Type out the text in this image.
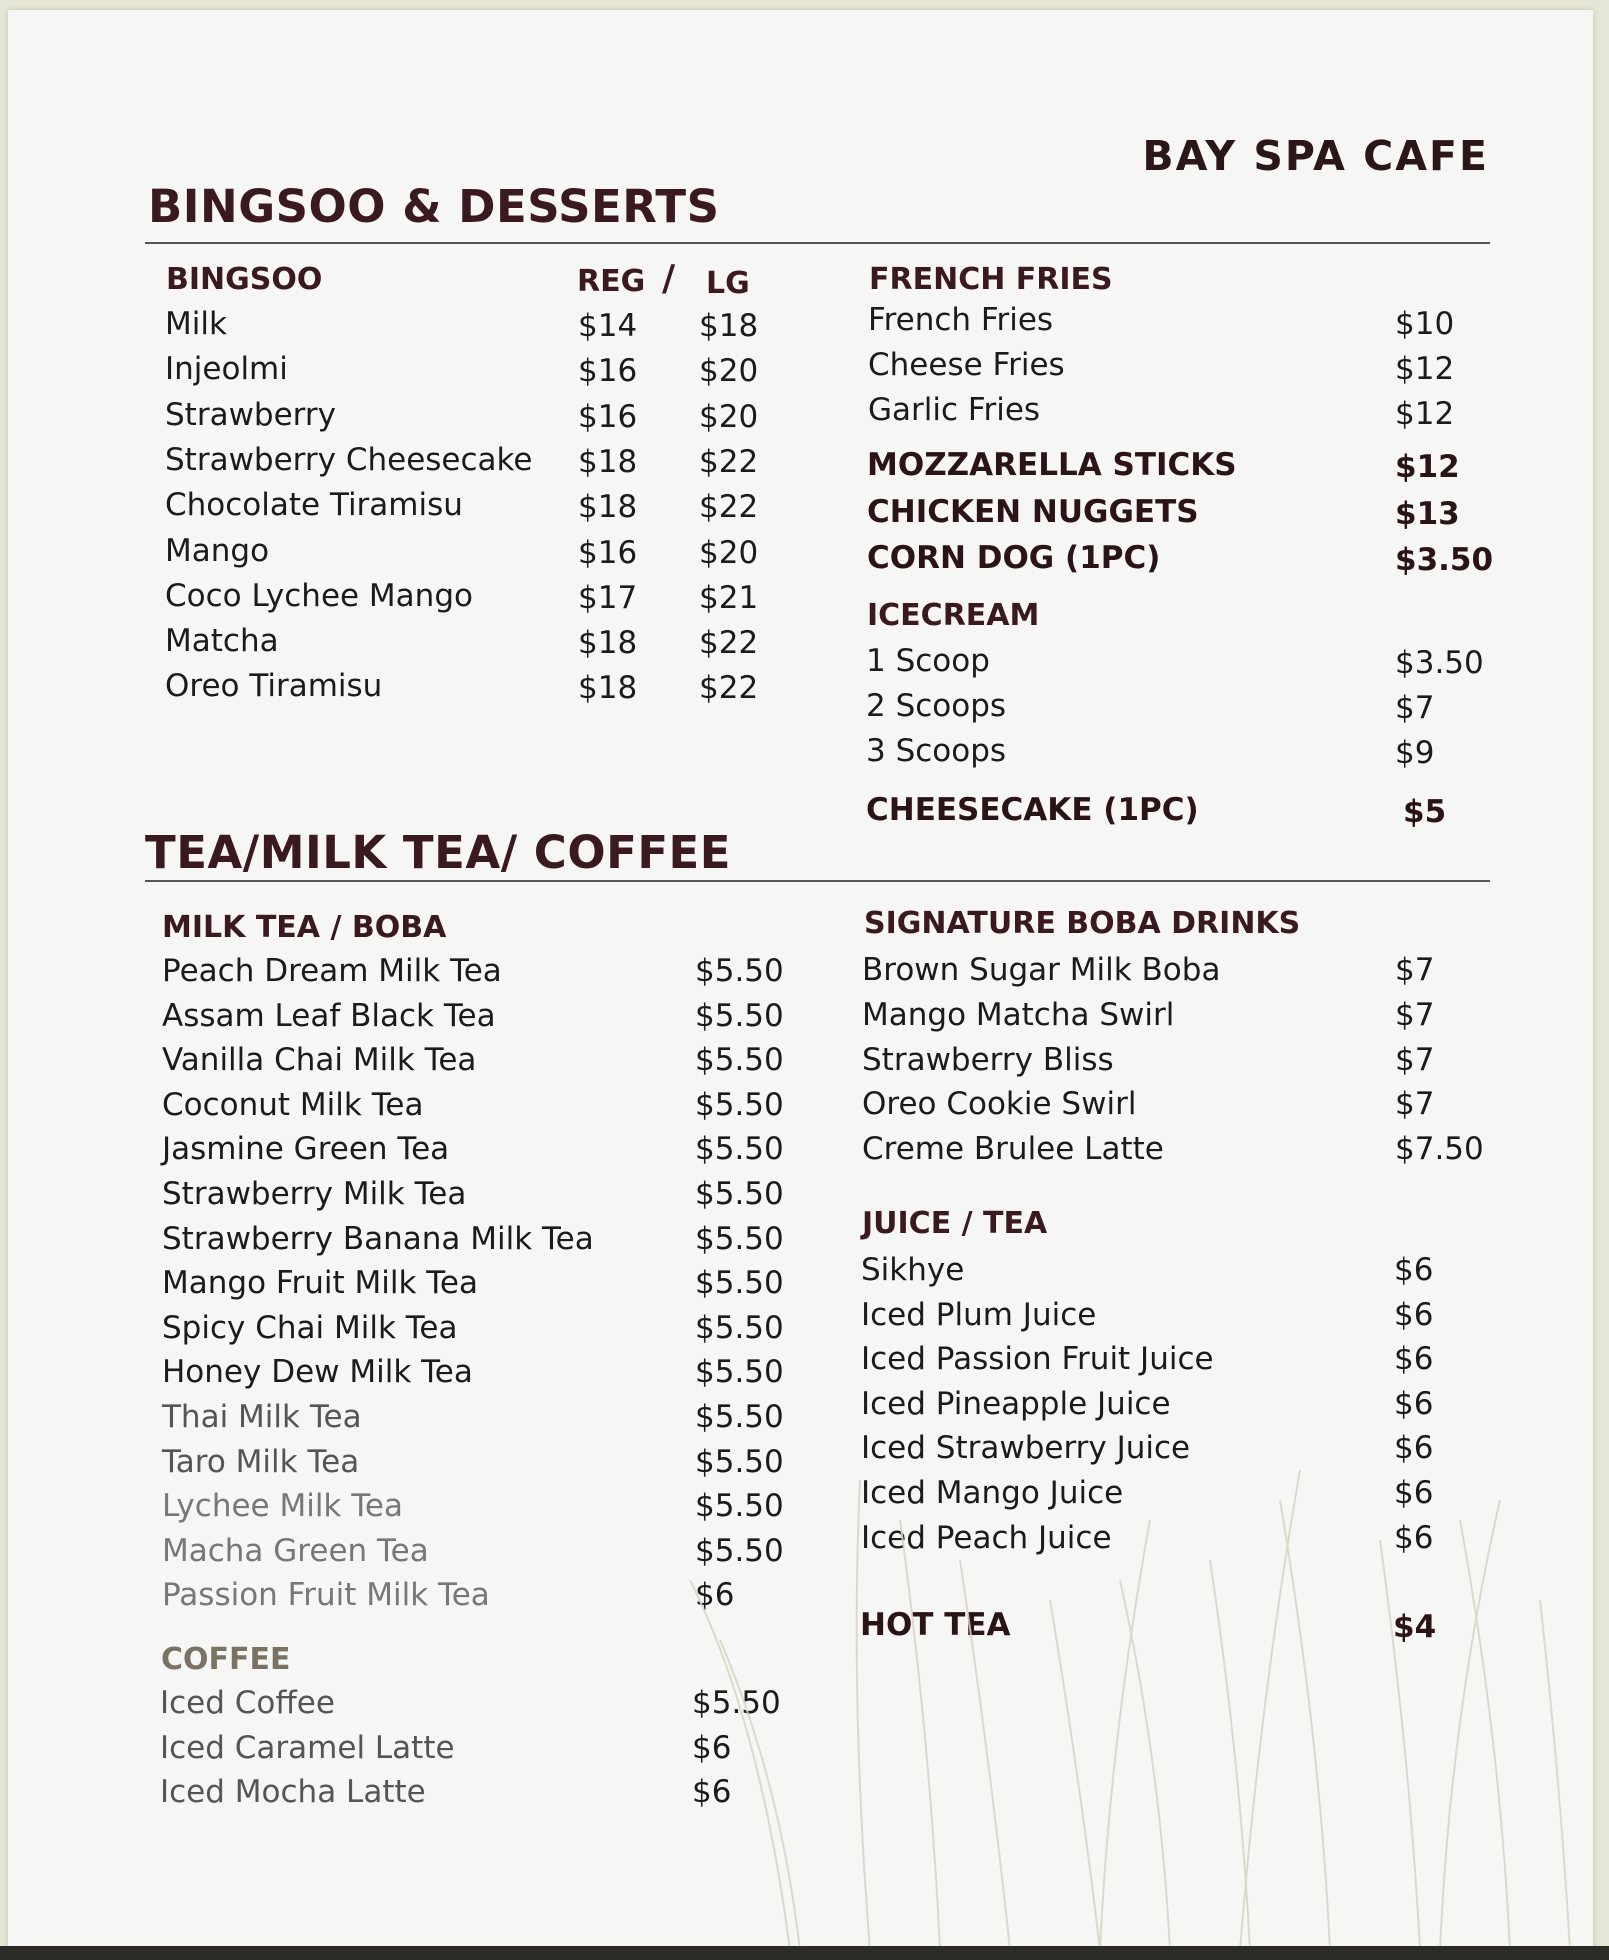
BAY SPA CAFE
BINGSOO & DESSERTS
BINGSOO	REG / LG
Milk	$14 $18
Injeolmi	$16 $20
Strawberry	$16 $20
Strawberry Cheesecake $18 $22
Chocolate Tiramisu	$18 $22
Mango	$16 $20
Coco Lychee Mango	$17 $21
Matcha	$18 $22
Oreo Tiramisu	$18 $22
FRENCH FRIES
French Fries	$10
Cheese Fries	$12
Garlic Fries	$12
MOZZARELLA STICKS	$12
CHICKEN NUGGETS	$13
CORN DOG (1PC)	$3.50
ICECREAM
1 Scoop	$3.50
2 Scoops	$7
3 Scoops	$9
CHEESECAKE (1PC)	$5
TEA/MILK TEA/ COFFEE
MILK TEA / BOBA
Peach Dream Milk Tea	$5.50
Assam Leaf Black Tea	$5.50
Vanilla Chai Milk Tea	$5.50
Coconut Milk Tea	$5.50
Jasmine Green Tea	$5.50
Strawberry Milk Tea	$5.50
Strawberry Banana Milk Tea	$5.50
Mango Fruit Milk Tea	$5.50
Spicy Chai Milk Tea	$5.50
Honey Dew Milk Tea	$5.50
Thai Milk Tea	$5.50
Taro Milk Tea	$5.50
Lychee Milk Tea	$5.50
Macha Green Tea	$5.50
Passion Fruit Milk Tea	$6
COFFEE
Iced Coffee	$5.50
Iced Caramel Latte	$6
Iced Mocha Latte	$6
SIGNATURE BOBA DRINKS
Brown Sugar Milk Boba	$7
Mango Matcha Swirl	$7
Strawberry Bliss	$7
Oreo Cookie Swirl	$7
Creme Brulee Latte	$7.50
JUICE / TEA
Sikhye	$6
Iced Plum Juice	$6
Iced Passion Fruit Juice	$6
Iced Pineapple Juice	$6
Iced Strawberry Juice	$6
Iced Mango Juice	$6
Iced Peach Juice	$6
HOT TEA	$4
